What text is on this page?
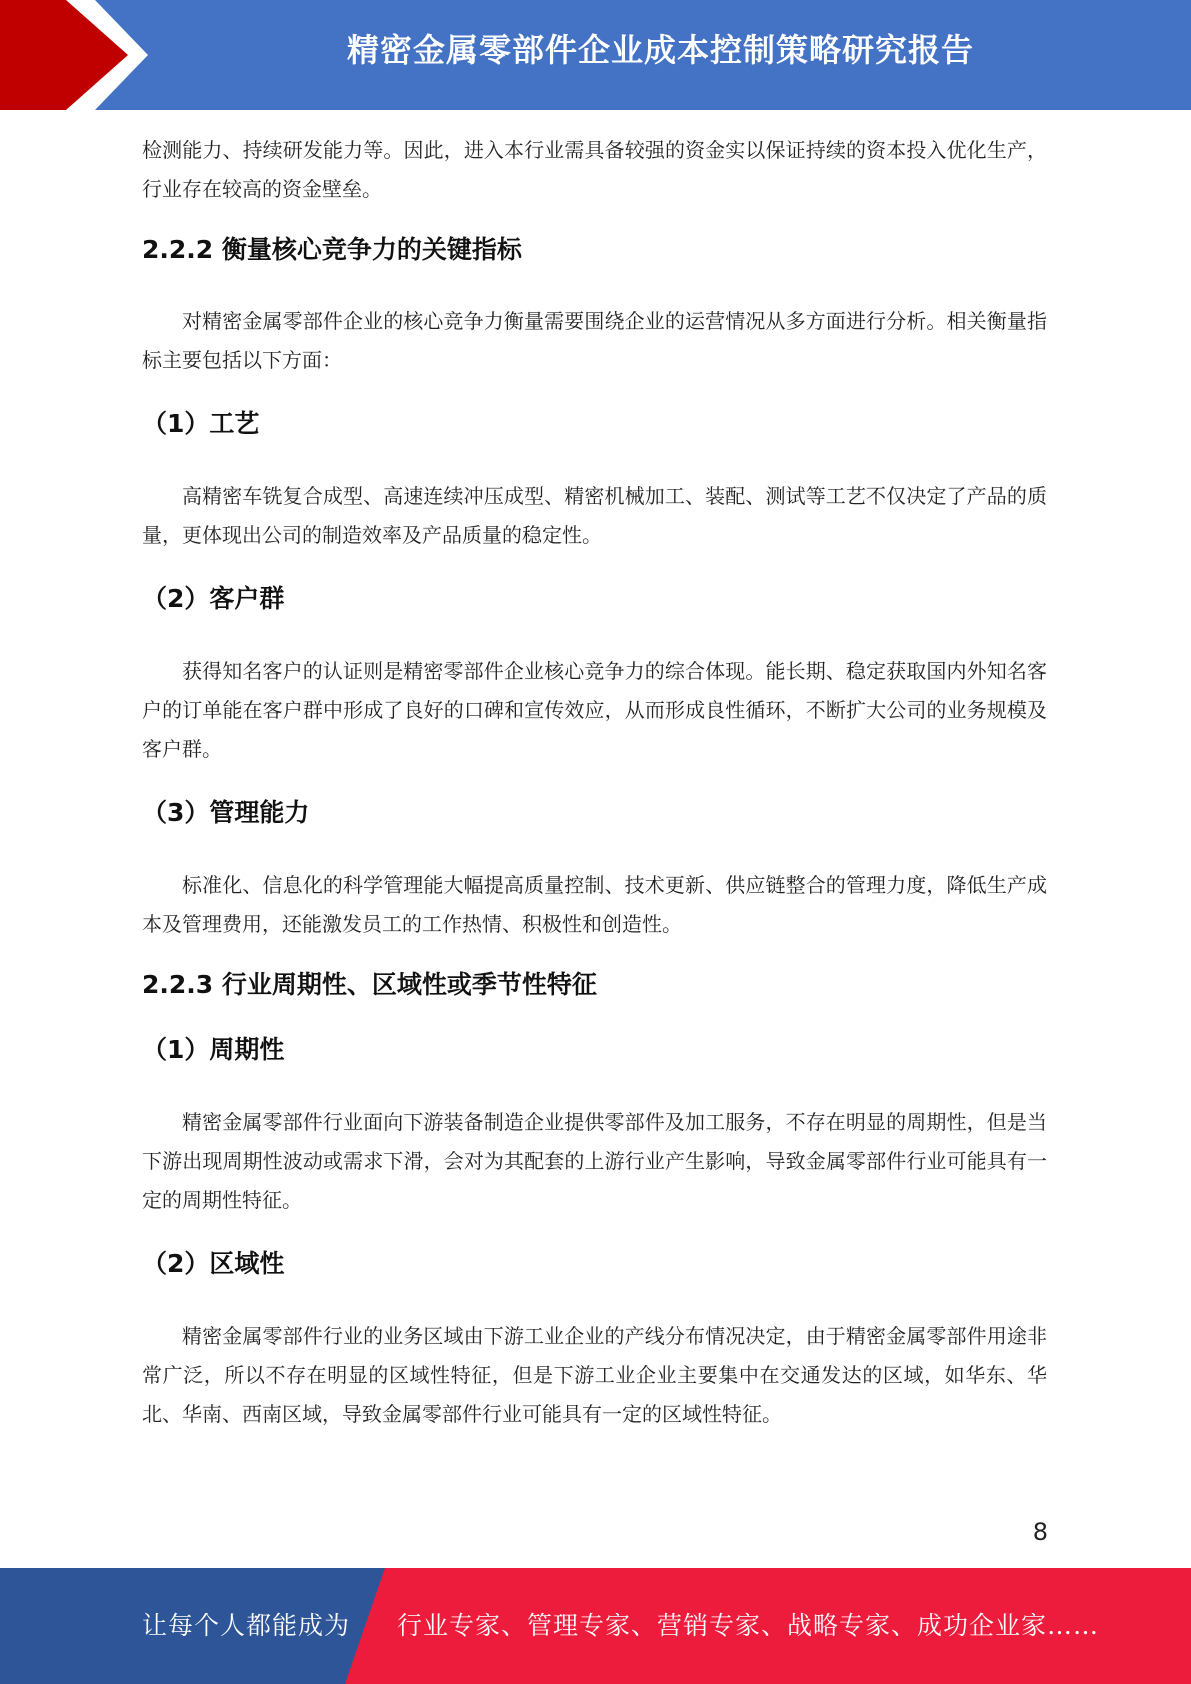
精密金属零部件企业成本控制策略研究报告

检测能力、持续研发能力等。因此，进入本行业需具备较强的资金实以保证持续的资本投入优化生产，行业存在较高的资金壁垒。

2.2.2 衡量核心竞争力的关键指标

对精密金属零部件企业的核心竞争力衡量需要围绕企业的运营情况从多方面进行分析。相关衡量指标主要包括以下方面：

（1）工艺

高精密车铣复合成型、高速连续冲压成型、精密机械加工、装配、测试等工艺不仅决定了产品的质量，更体现出公司的制造效率及产品质量的稳定性。

（2）客户群

获得知名客户的认证则是精密零部件企业核心竞争力的综合体现。能长期、稳定获取国内外知名客户的订单能在客户群中形成了良好的口碑和宣传效应，从而形成良性循环，不断扩大公司的业务规模及客户群。

（3）管理能力

标准化、信息化的科学管理能大幅提高质量控制、技术更新、供应链整合的管理力度，降低生产成本及管理费用，还能激发员工的工作热情、积极性和创造性。

2.2.3 行业周期性、区域性或季节性特征
（1）周期性

精密金属零部件行业面向下游装备制造企业提供零部件及加工服务，不存在明显的周期性，但是当下游出现周期性波动或需求下滑，会对为其配套的上游行业产生影响，导致金属零部件行业可能具有一定的周期性特征。

（2）区域性

精密金属零部件行业的业务区域由下游工业企业的产线分布情况决定，由于精密金属零部件用途非常广泛，所以不存在明显的区域性特征，但是下游工业企业主要集中在交通发达的区域，如华东、华北、华南、西南区域，导致金属零部件行业可能具有一定的区域性特征。

8
让每个人都能成为 行业专家、管理专家、营销专家、战略专家、成功企业家……
